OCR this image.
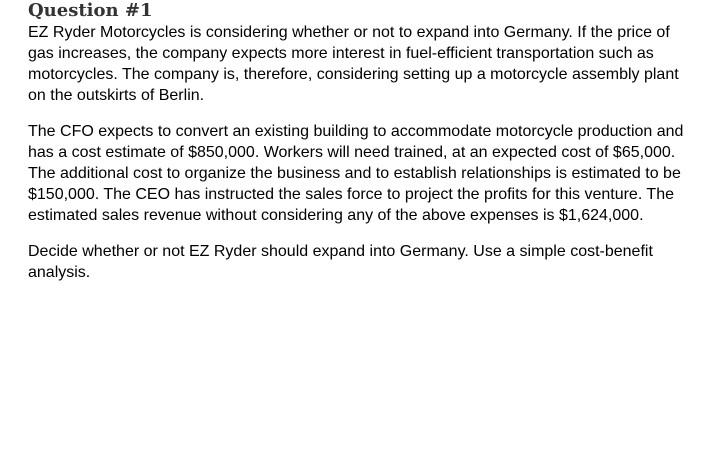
Question #1

EZ Ryder Motorcycles is considering whether or not to expand into Germany. If the price of gas increases, the company expects more interest in fuel-efficient transportation such as motorcycles. The company is, therefore, considering setting up a motorcycle assembly plant on the outskirts of Berlin.

The CFO expects to convert an existing building to accommodate motorcycle production and has a cost estimate of $850,000. Workers will need trained, at an expected cost of $65,000. The additional cost to organize the business and to establish relationships is estimated to be $150,000. The CEO has instructed the sales force to project the profits for this venture. The estimated sales revenue without considering any of the above expenses is $1,624,000.

Decide whether or not EZ Ryder should expand into Germany. Use a simple cost-benefit analysis.
